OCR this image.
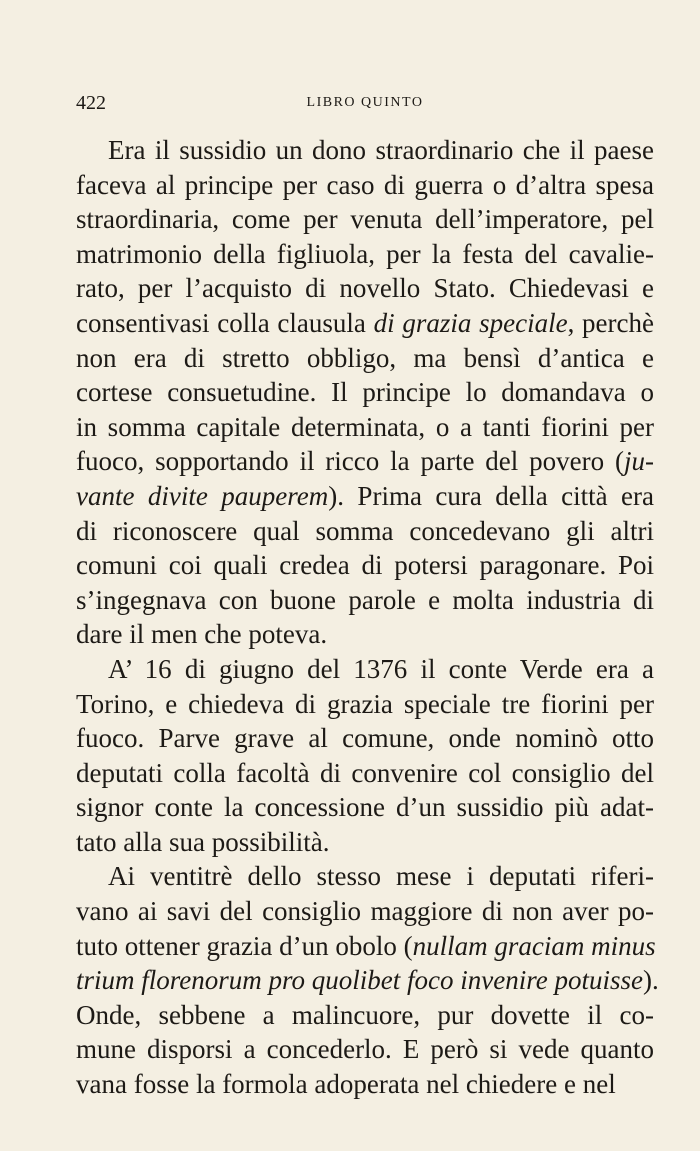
422	LIBRO QUINTO
Era il sussidio un dono straordinario che il paese
faceva al principe per caso di guerra o d’altra spesa
straordinaria, come per venuta dell’imperatore, pel
matrimonio della figliuola, per la festa del cavalie-
rato, per l’acquisto di novello Stato. Chiedevasi e
consentivasi colla clausula di grazia speciale, perchè
non era di stretto obbligo, ma bensì d’antica e
cortese consuetudine. Il principe lo domandava o
in somma capitale determinata, o a tanti fiorini per
fuoco, sopportando il ricco la parte del povero (ju-
vante divite pauperem). Prima cura della città era
di riconoscere qual somma concedevano gli altri
comuni coi quali credea di potersi paragonare. Poi
s’ingegnava con buone parole e molta industria di
dare il men che poteva.
A’ 16 di giugno del 1376 il conte Verde era a
Torino, e chiedeva di grazia speciale tre fiorini per
fuoco. Parve grave al comune, onde nominò otto
deputati colla facoltà di convenire col consiglio del
signor conte la concessione d’un sussidio più adat-
tato alla sua possibilità.
Ai ventitrè dello stesso mese i deputati riferi-
vano ai savi del consiglio maggiore di non aver po-
tuto ottener grazia d’un obolo (nullam graciam minus
trium florenorum pro quolibet foco invenire potuisse).
Onde, sebbene a malincuore, pur dovette il co-
mune disporsi a concederlo. E però si vede quanto
vana fosse la formola adoperata nel chiedere e nel
